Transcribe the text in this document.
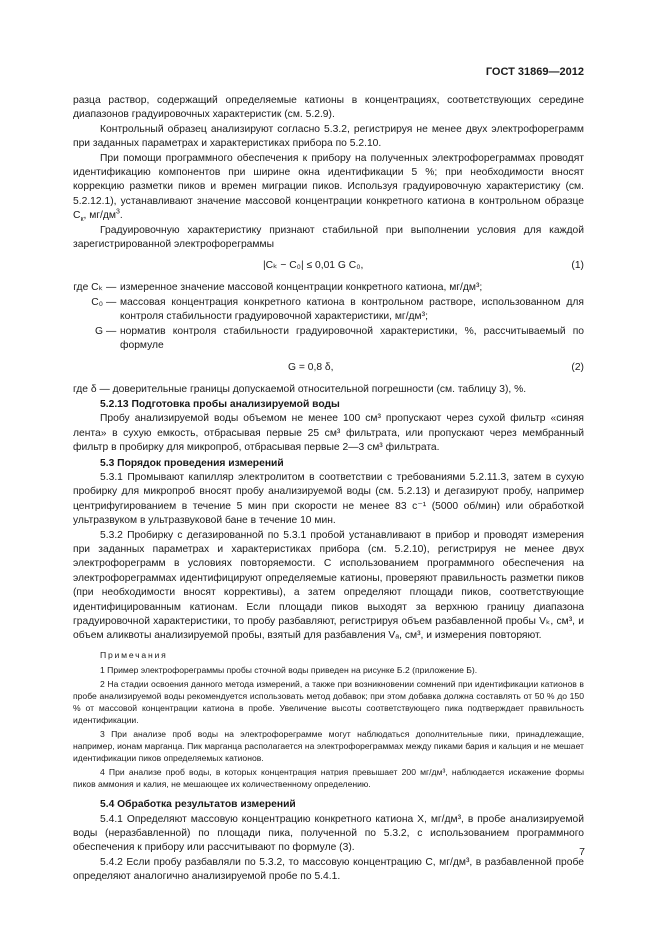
ГОСТ 31869—2012

разца раствор, содержащий определяемые катионы в концентрациях, соответствующих середине диапазонов градуировочных характеристик (см. 5.2.9).

Контрольный образец анализируют согласно 5.3.2, регистрируя не менее двух электрофореграмм при заданных параметрах и характеристиках прибора по 5.2.10.

При помощи программного обеспечения к прибору на полученных электрофореграммах проводят идентификацию компонентов при ширине окна идентификации 5 %; при необходимости вносят коррекцию разметки пиков и времен миграции пиков. Используя градуировочную характеристику (см. 5.2.12.1), устанавливают значение массовой концентрации конкретного катиона в контрольном образце $C_к$, $мг/дм^3$.

Градуировочную характеристику признают стабильной при выполнении условия для каждой зарегистрированной электрофореграммы

|Cₖ − C₀| ≤ 0,01 G C₀,	(1)
где Cₖ — измеренное значение массовой концентрации конкретного катиона, мг/дм³;
C₀ — массовая концентрация конкретного катиона в контрольном растворе, использованном для контроля стабильности градуировочной характеристики, мг/дм³;
G — норматив контроля стабильности градуировочной характеристики, %, рассчитываемый по формуле
G = 0,8 δ,	(2)

где δ — доверительные границы допускаемой относительной погрешности (см. таблицу 3), %.

5.2.13 Подготовка пробы анализируемой воды

Пробу анализируемой воды объемом не менее 100 см³ пропускают через сухой фильтр «синяя лента» в сухую емкость, отбрасывая первые 25 см³ фильтрата, или пропускают через мембранный фильтр в пробирку для микропроб, отбрасывая первые 2—3 см³ фильтрата.

5.3 Порядок проведения измерений

5.3.1 Промывают капилляр электролитом в соответствии с требованиями 5.2.11.3, затем в сухую пробирку для микропроб вносят пробу анализируемой воды (см. 5.2.13) и дегазируют пробу, например центрифугированием в течение 5 мин при скорости не менее 83 с⁻¹ (5000 об/мин) или обработкой ультразвуком в ультразвуковой бане в течение 10 мин.

5.3.2 Пробирку с дегазированной по 5.3.1 пробой устанавливают в прибор и проводят измерения при заданных параметрах и характеристиках прибора (см. 5.2.10), регистрируя не менее двух электрофореграмм в условиях повторяемости. С использованием программного обеспечения на электрофореграммах идентифицируют определяемые катионы, проверяют правильность разметки пиков (при необходимости вносят коррективы), а затем определяют площади пиков, соответствующие идентифицированным катионам. Если площади пиков выходят за верхнюю границу диапазона градуировочной характеристики, то пробу разбавляют, регистрируя объем разбавленной пробы Vₖ, см³, и объем аликвоты анализируемой пробы, взятый для разбавления Vₐ, см³, и измерения повторяют.

Примечания

1 Пример электрофореграммы пробы сточной воды приведен на рисунке Б.2 (приложение Б).

2 На стадии освоения данного метода измерений, а также при возникновении сомнений при идентификации катионов в пробе анализируемой воды рекомендуется использовать метод добавок; при этом добавка должна составлять от 50 % до 150 % от массовой концентрации катиона в пробе. Увеличение высоты соответствующего пика подтверждает правильность идентификации.

3 При анализе проб воды на электрофореграмме могут наблюдаться дополнительные пики, принадлежащие, например, ионам марганца. Пик марганца располагается на электрофореграммах между пиками бария и кальция и не мешает идентификации пиков определяемых катионов.

4 При анализе проб воды, в которых концентрация натрия превышает 200 мг/дм³, наблюдается искажение формы пиков аммония и калия, не мешающее их количественному определению.

5.4 Обработка результатов измерений

5.4.1 Определяют массовую концентрацию конкретного катиона X, мг/дм³, в пробе анализируемой воды (неразбавленной) по площади пика, полученной по 5.3.2, с использованием программного обеспечения к прибору или рассчитывают по формуле (3).

5.4.2 Если пробу разбавляли по 5.3.2, то массовую концентрацию C, мг/дм³, в разбавленной пробе определяют аналогично анализируемой пробе по 5.4.1.

7
